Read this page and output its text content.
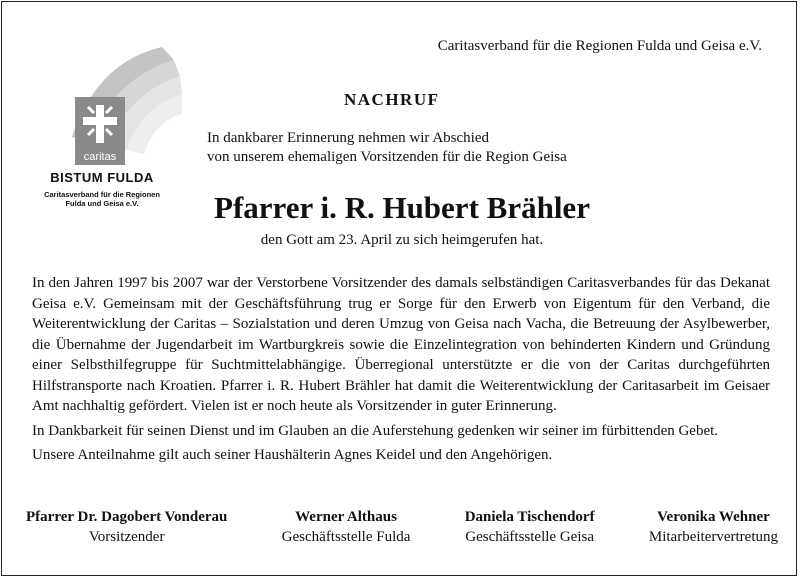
Caritasverband für die Regionen Fulda und Geisa e.V.
caritas
BISTUM FULDA
Caritasverband für die Regionen
Fulda und Geisa e.V.
NACHRUF
In dankbarer Erinnerung nehmen wir Abschied
von unserem ehemaligen Vorsitzenden für die Region Geisa
Pfarrer i. R. Hubert Brähler
den Gott am 23. April zu sich heimgerufen hat.

In den Jahren 1997 bis 2007 war der Verstorbene Vorsitzender des damals selbständigen Caritasverbandes für das Dekanat Geisa e.V. Gemeinsam mit der Geschäftsführung trug er Sorge für den Erwerb von Eigentum für den Verband, die Weiterentwicklung der Caritas – Sozialstation und deren Umzug von Geisa nach Vacha, die Betreuung der Asylbewerber, die Übernahme der Jugendarbeit im Wartburgkreis sowie die Einzelintegration von behinderten Kindern und Gründung einer Selbsthilfegruppe für Suchtmittelabhängige. Überregional unterstützte er die von der Caritas durchgeführten Hilfstransporte nach Kroatien. Pfarrer i. R. Hubert Brähler hat damit die Weiterentwicklung der Caritasarbeit im Geisaer Amt nachhaltig gefördert. Vielen ist er noch heute als Vorsitzender in guter Erinnerung.

In Dankbarkeit für seinen Dienst und im Glauben an die Auferstehung gedenken wir seiner im fürbittenden Gebet.

Unsere Anteilnahme gilt auch seiner Haushälterin Agnes Keidel und den Angehörigen.

Pfarrer Dr. Dagobert Vonderau
Vorsitzender
Werner Althaus
Geschäftsstelle Fulda
Daniela Tischendorf
Geschäftsstelle Geisa
Veronika Wehner
Mitarbeitervertretung
